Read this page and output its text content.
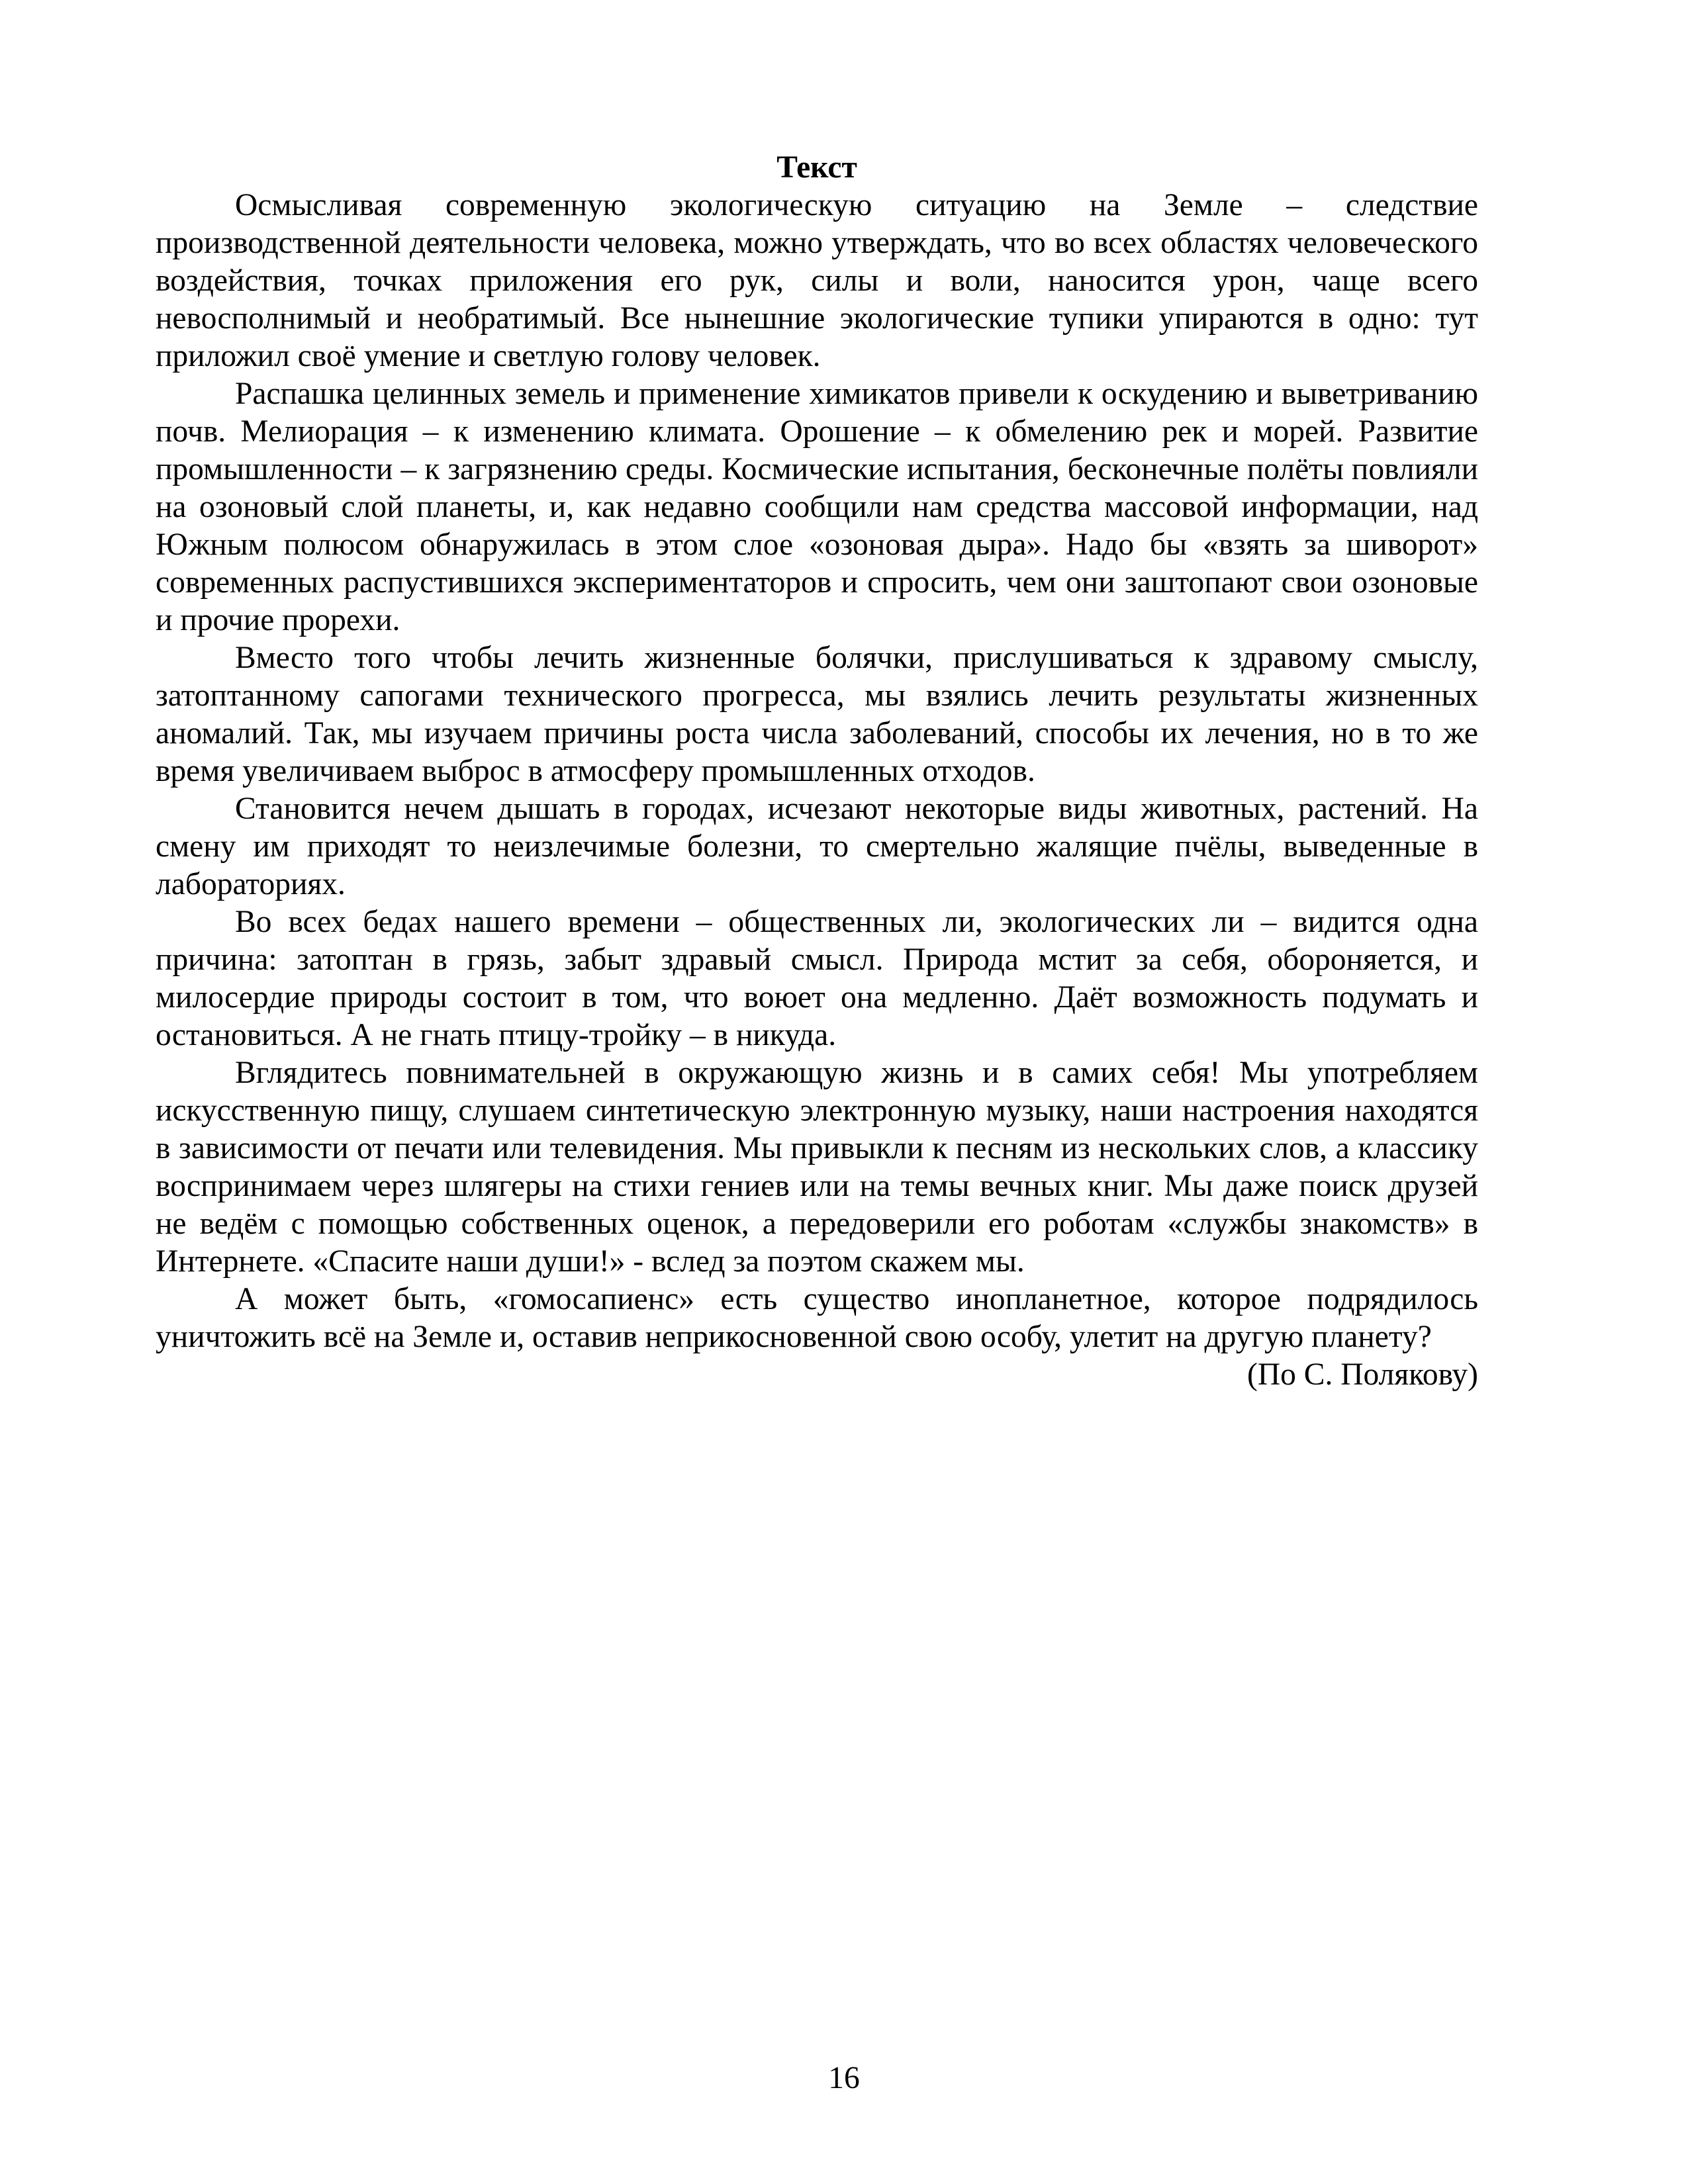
Текст

Осмысливая современную экологическую ситуацию на Земле – следствие производственной деятельности человека, можно утверждать, что во всех областях человеческого воздействия, точках приложения его рук, силы и воли, наносится урон, чаще всего невосполнимый и необратимый. Все нынешние экологические тупики упираются в одно: тут приложил своё умение и светлую голову человек.

Распашка целинных земель и применение химикатов привели к оскудению и выветриванию почв. Мелиорация – к изменению климата. Орошение – к обмелению рек и морей. Развитие промышленности – к загрязнению среды. Космические испытания, бесконечные полёты повлияли на озоновый слой планеты, и, как недавно сообщили нам средства массовой информации, над Южным полюсом обнаружилась в этом слое «озоновая дыра». Надо бы «взять за шиворот» современных распустившихся экспериментаторов и спросить, чем они заштопают свои озоновые и прочие прорехи.

Вместо того чтобы лечить жизненные болячки, прислушиваться к здравому смыслу, затоптанному сапогами технического прогресса, мы взялись лечить результаты жизненных аномалий. Так, мы изучаем причины роста числа заболеваний, способы их лечения, но в то же время увеличиваем выброс в атмосферу промышленных отходов.

Становится нечем дышать в городах, исчезают некоторые виды животных, растений. На смену им приходят то неизлечимые болезни, то смертельно жалящие пчёлы, выведенные в лабораториях.

Во всех бедах нашего времени – общественных ли, экологических ли – видится одна причина: затоптан в грязь, забыт здравый смысл. Природа мстит за себя, обороняется, и милосердие природы состоит в том, что воюет она медленно. Даёт возможность подумать и остановиться. А не гнать птицу-тройку – в никуда.

Вглядитесь повнимательней в окружающую жизнь и в самих себя! Мы употребляем искусственную пищу, слушаем синтетическую электронную музыку, наши настроения находятся в зависимости от печати или телевидения. Мы привыкли к песням из нескольких слов, а классику воспринимаем через шлягеры на стихи гениев или на темы вечных книг. Мы даже поиск друзей не ведём с помощью собственных оценок, а передоверили его роботам «службы знакомств» в Интернете. «Спасите наши души!» - вслед за поэтом скажем мы.

А может быть, «гомосапиенс» есть существо инопланетное, которое подрядилось уничтожить всё на Земле и, оставив неприкосновенной свою особу, улетит на другую планету?

(По С. Полякову)

16
